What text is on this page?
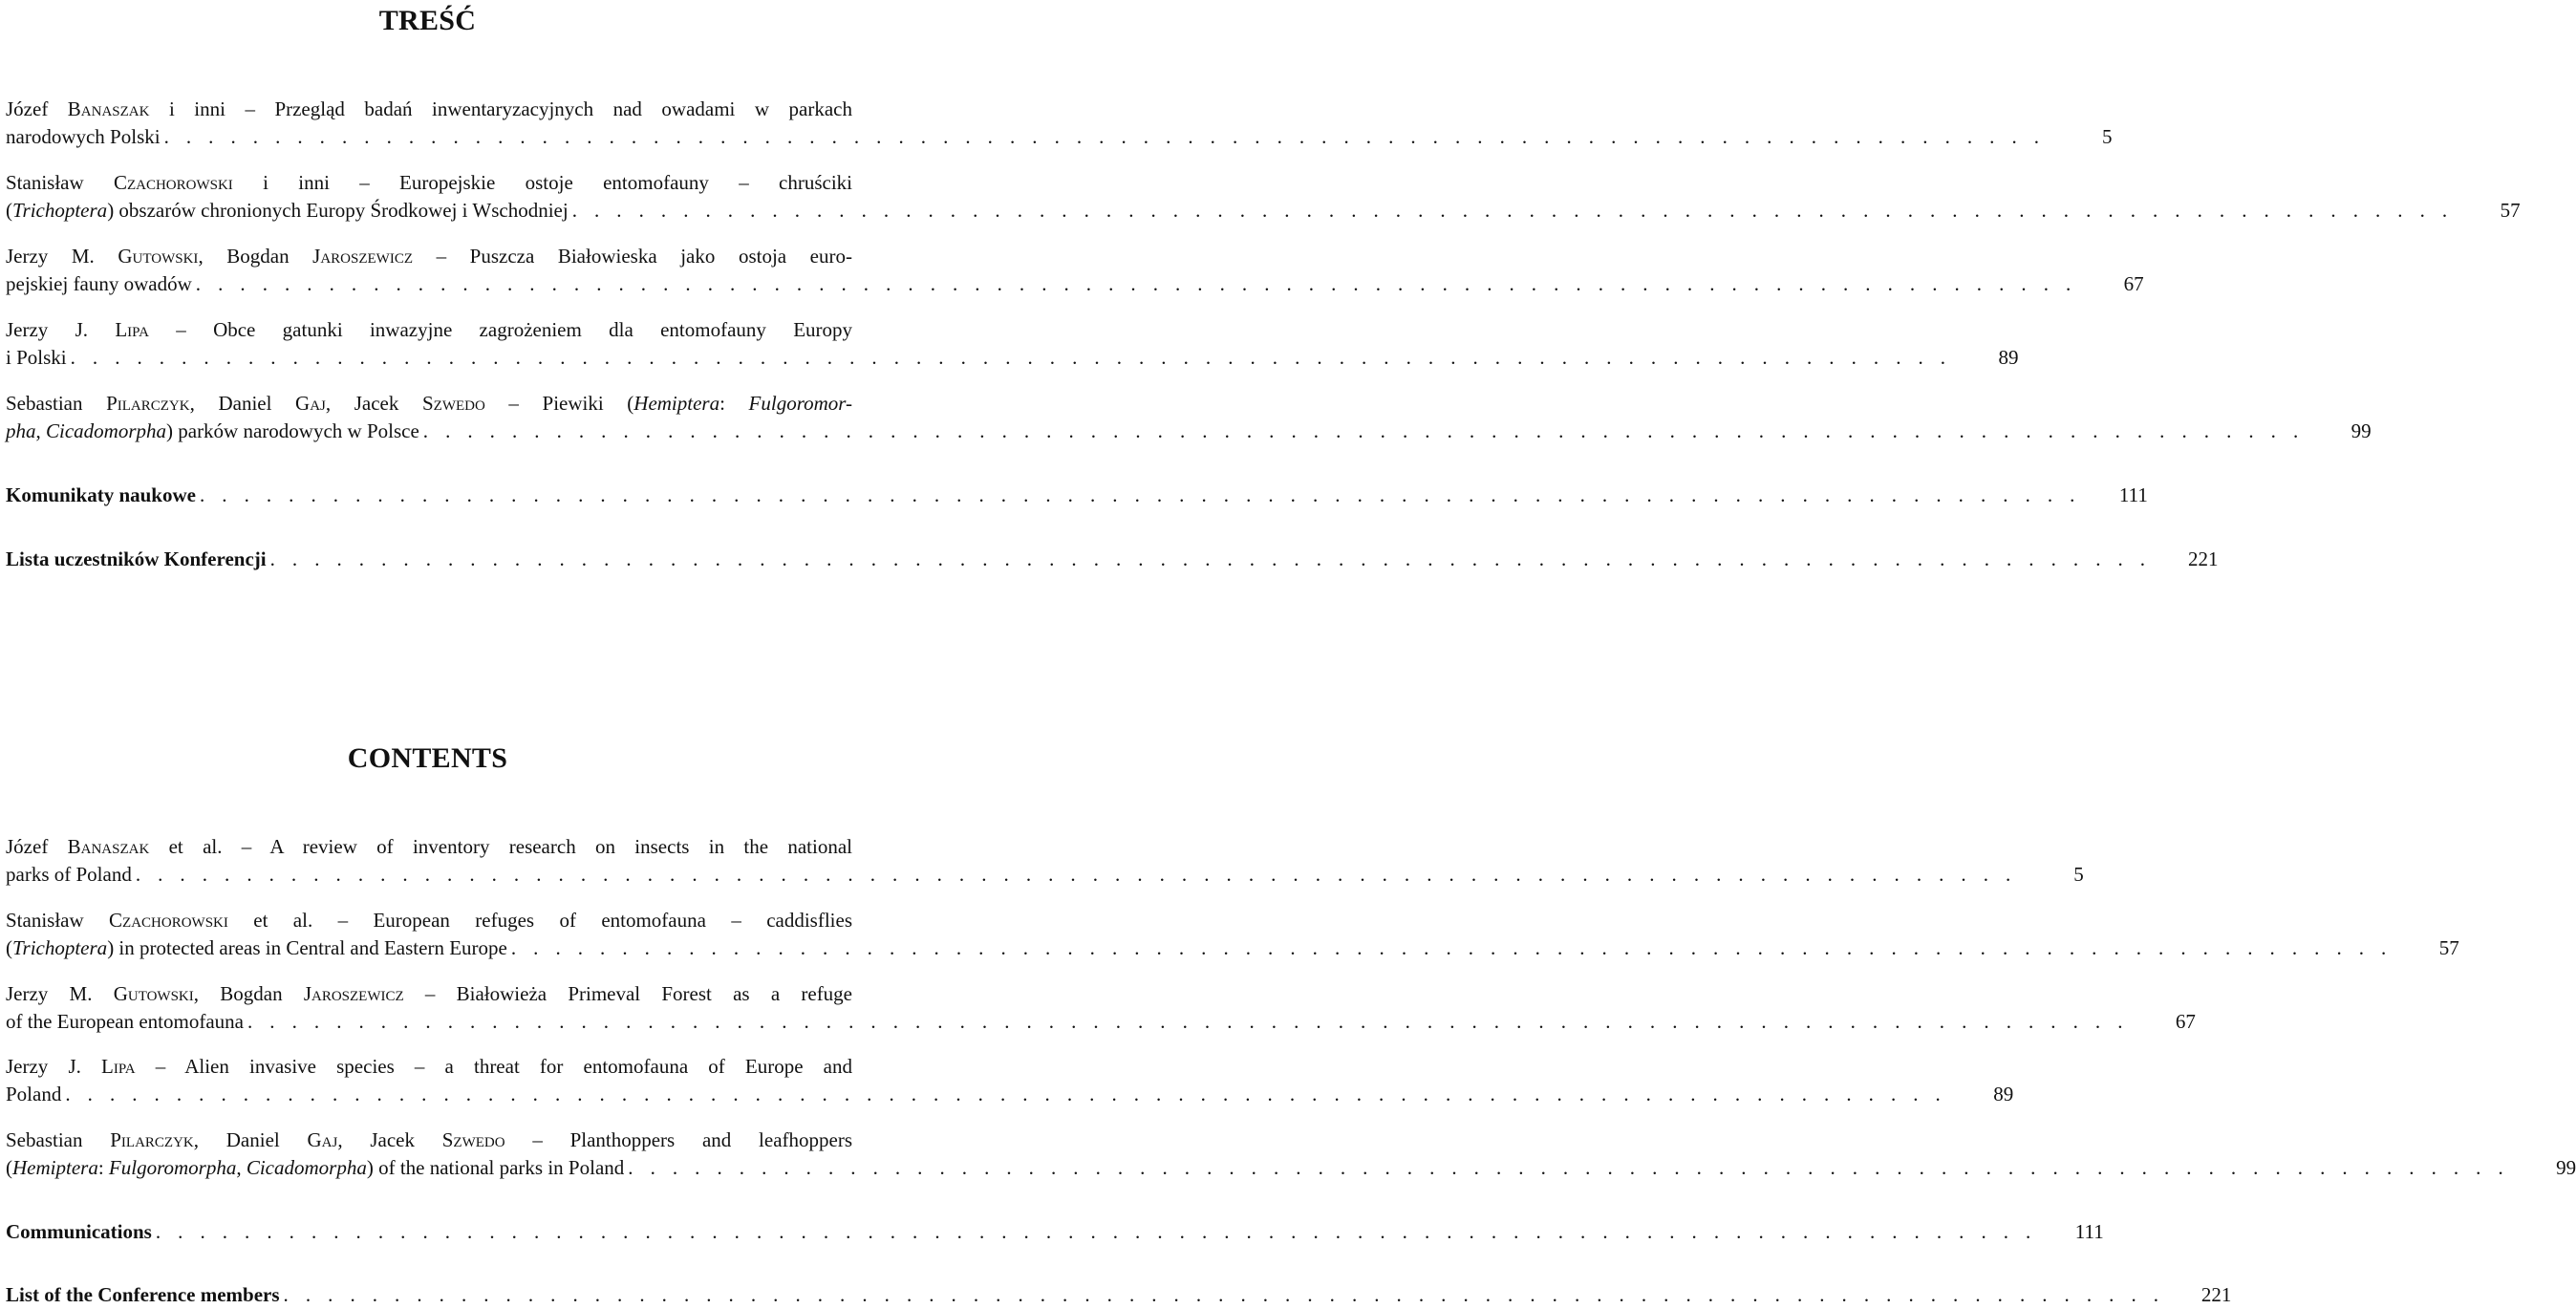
TREŚĆ
Józef Banaszak i inni – Przegląd badań inwentaryzacyjnych nad owadami w parkach
narodowych Polski . . . . . . . . . . . . . . . . . . . . . . . . . . . . . . . . . . . . . . . . . . . . . . . . . . . . . . . . . . . . . . . . . . . . . . . . . . . . . . . . . . . . .	5
Stanisław Czachorowski i inni – Europejskie ostoje entomofauny – chruściki
(Trichoptera) obszarów chronionych Europy Środkowej i Wschodniej . . . . . . . . . . . . . . . . . . . . . . . . . . . . . . . . . . . . . . . . . . . . . . . . . . . . . . . . . . . . . . . . . . . . . . . . . . . . . . . . . . . . .	57
Jerzy M. Gutowski, Bogdan Jaroszewicz – Puszcza Białowieska jako ostoja euro-
pejskiej fauny owadów . . . . . . . . . . . . . . . . . . . . . . . . . . . . . . . . . . . . . . . . . . . . . . . . . . . . . . . . . . . . . . . . . . . . . . . . . . . . . . . . . . . . .	67
Jerzy J. Lipa – Obce gatunki inwazyjne zagrożeniem dla entomofauny Europy
i Polski . . . . . . . . . . . . . . . . . . . . . . . . . . . . . . . . . . . . . . . . . . . . . . . . . . . . . . . . . . . . . . . . . . . . . . . . . . . . . . . . . . . . .	89
Sebastian Pilarczyk, Daniel Gaj, Jacek Szwedo – Piewiki (Hemiptera: Fulgoromor-
pha, Cicadomorpha) parków narodowych w Polsce . . . . . . . . . . . . . . . . . . . . . . . . . . . . . . . . . . . . . . . . . . . . . . . . . . . . . . . . . . . . . . . . . . . . . . . . . . . . . . . . . . . . .	99
Komunikaty naukowe . . . . . . . . . . . . . . . . . . . . . . . . . . . . . . . . . . . . . . . . . . . . . . . . . . . . . . . . . . . . . . . . . . . . . . . . . . . . . . . . . . . . .	111
Lista uczestników Konferencji . . . . . . . . . . . . . . . . . . . . . . . . . . . . . . . . . . . . . . . . . . . . . . . . . . . . . . . . . . . . . . . . . . . . . . . . . . . . . . . . . . . . .	221
CONTENTS
Józef Banaszak et al. – A review of inventory research on insects in the national
parks of Poland . . . . . . . . . . . . . . . . . . . . . . . . . . . . . . . . . . . . . . . . . . . . . . . . . . . . . . . . . . . . . . . . . . . . . . . . . . . . . . . . . . . . .	5
Stanisław Czachorowski et al. – European refuges of entomofauna – caddisflies
(Trichoptera) in protected areas in Central and Eastern Europe . . . . . . . . . . . . . . . . . . . . . . . . . . . . . . . . . . . . . . . . . . . . . . . . . . . . . . . . . . . . . . . . . . . . . . . . . . . . . . . . . . . . .	57
Jerzy M. Gutowski, Bogdan Jaroszewicz – Białowieża Primeval Forest as a refuge
of the European entomofauna . . . . . . . . . . . . . . . . . . . . . . . . . . . . . . . . . . . . . . . . . . . . . . . . . . . . . . . . . . . . . . . . . . . . . . . . . . . . . . . . . . . . .	67
Jerzy J. Lipa – Alien invasive species – a threat for entomofauna of Europe and
Poland . . . . . . . . . . . . . . . . . . . . . . . . . . . . . . . . . . . . . . . . . . . . . . . . . . . . . . . . . . . . . . . . . . . . . . . . . . . . . . . . . . . . .	89
Sebastian Pilarczyk, Daniel Gaj, Jacek Szwedo – Planthoppers and leafhoppers
(Hemiptera: Fulgoromorpha, Cicadomorpha) of the national parks in Poland . . . . . . . . . . . . . . . . . . . . . . . . . . . . . . . . . . . . . . . . . . . . . . . . . . . . . . . . . . . . . . . . . . . . . . . . . . . . . . . . . . . . .	99
Communications . . . . . . . . . . . . . . . . . . . . . . . . . . . . . . . . . . . . . . . . . . . . . . . . . . . . . . . . . . . . . . . . . . . . . . . . . . . . . . . . . . . . .	111
List of the Conference members . . . . . . . . . . . . . . . . . . . . . . . . . . . . . . . . . . . . . . . . . . . . . . . . . . . . . . . . . . . . . . . . . . . . . . . . . . . . . . . . . . . . .	221
